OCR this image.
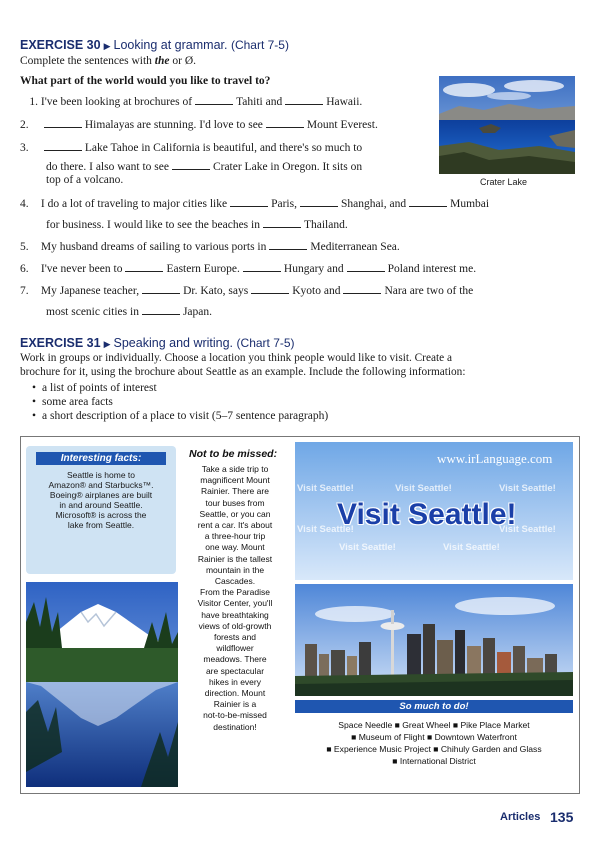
EXERCISE 30 ▶ Looking at grammar. (Chart 7-5)
Complete the sentences with the or Ø.
What part of the world would you like to travel to?
1. I've been looking at brochures of	Tahiti and	Hawaii.
2.	Himalayas are stunning. I'd love to see	Mount Everest.
3.	Lake Tahoe in California is beautiful, and there's so much to
do there. I also want to see	Crater Lake in Oregon. It sits on
top of a volcano.	Crater Lake
4. I do a lot of traveling to major cities like	Paris,	Shanghai, and	Mumbai
for business. I would like to see the beaches in	Thailand.
5. My husband dreams of sailing to various ports in	Mediterranean Sea.
6. I've never been to	Eastern Europe.	Hungary and	Poland interest me.
7. My Japanese teacher,	Dr. Kato, says	Kyoto and	Nara are two of the
most scenic cities in	Japan.
EXERCISE 31 ▶ Speaking and writing. (Chart 7-5)
Work in groups or individually. Choose a location you think people would like to visit. Create a
brochure for it, using the brochure about Seattle as an example. Include the following information:
• a list of points of interest
• some area facts
• a short description of a place to visit (5–7 sentence paragraph)
Interesting facts:
Seattle is home to
Amazon® and Starbucks™.
Boeing® airplanes are built
in and around Seattle.
Microsoft® is across the
lake from Seattle.
Not to be missed:
Take a side trip to
magnificent Mount
Rainier. There are
tour buses from
Seattle, or you can
rent a car. It's about
a three-hour trip
one way. Mount
Rainier is the tallest
mountain in the
Cascades.
From the Paradise
Visitor Center, you'll
have breathtaking
views of old-growth
forests and
wildflower
meadows. There
are spectacular
hikes in every
direction. Mount
Rainier is a
not-to-be-missed
destination!
www.irLanguage.com
Visit Seattle!	Visit Seattle!	Visit Seattle!
Visit Seattle!	Visit Seattle!
Visit Seattle!	Visit Seattle!
Visit Seattle!
So much to do!
Space Needle ■ Great Wheel ■ Pike Place Market
■ Museum of Flight ■ Downtown Waterfront
■ Experience Music Project ■ Chihuly Garden and Glass
■ International District
Articles 135
